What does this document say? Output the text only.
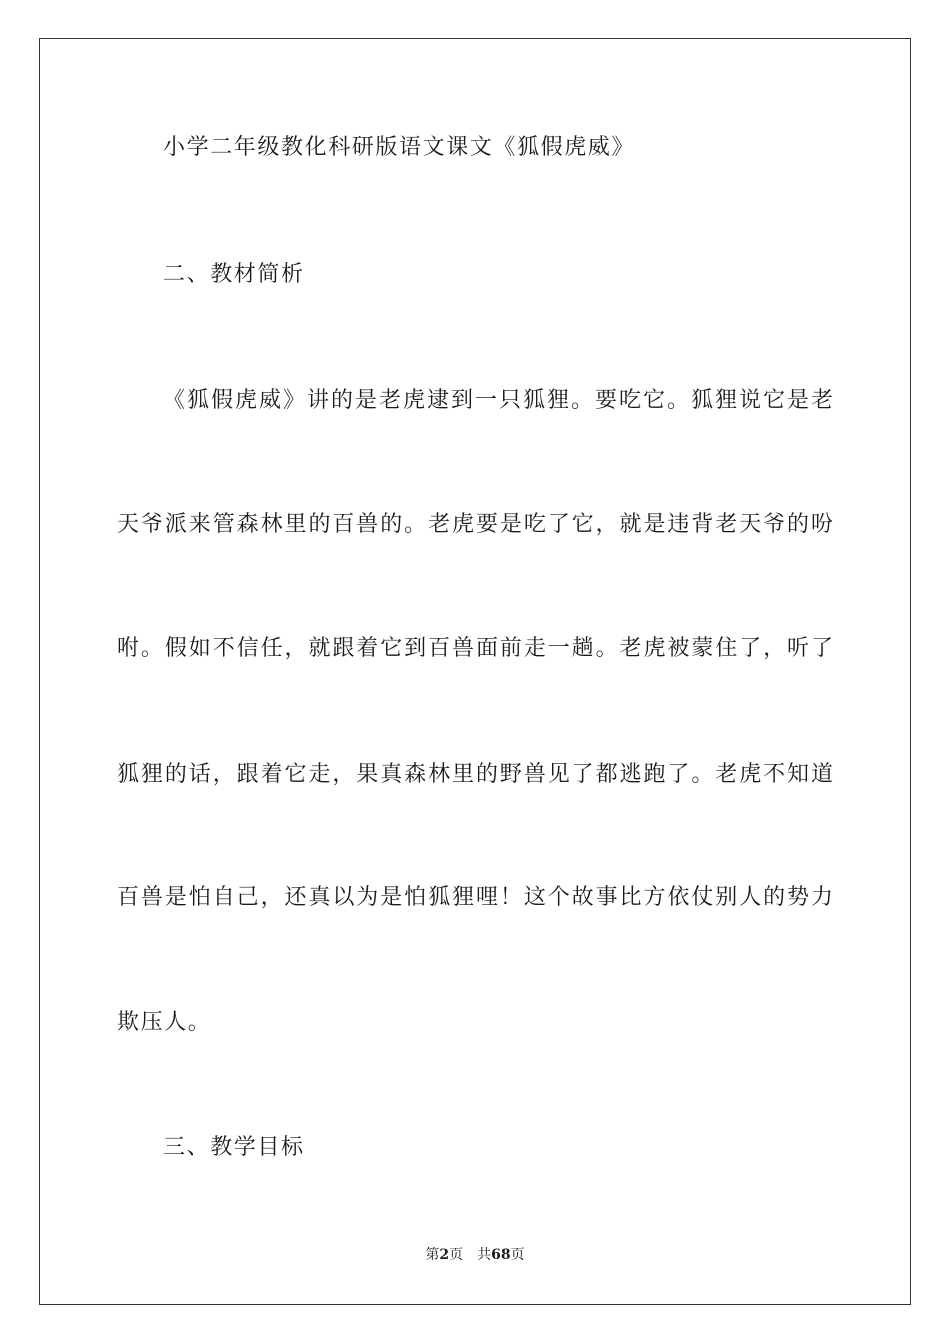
小学二年级教化科研版语文课文《狐假虎威》
二、教材简析
《狐假虎威》讲的是老虎逮到一只狐狸。要吃它。狐狸说它是老
天爷派来管森林里的百兽的。老虎要是吃了它，就是违背老天爷的吩
咐。假如不信任，就跟着它到百兽面前走一趟。老虎被蒙住了，听了
狐狸的话，跟着它走，果真森林里的野兽见了都逃跑了。老虎不知道
百兽是怕自己，还真以为是怕狐狸哩！这个故事比方依仗别人的势力
欺压人。
三、教学目标
第2页 共68页
